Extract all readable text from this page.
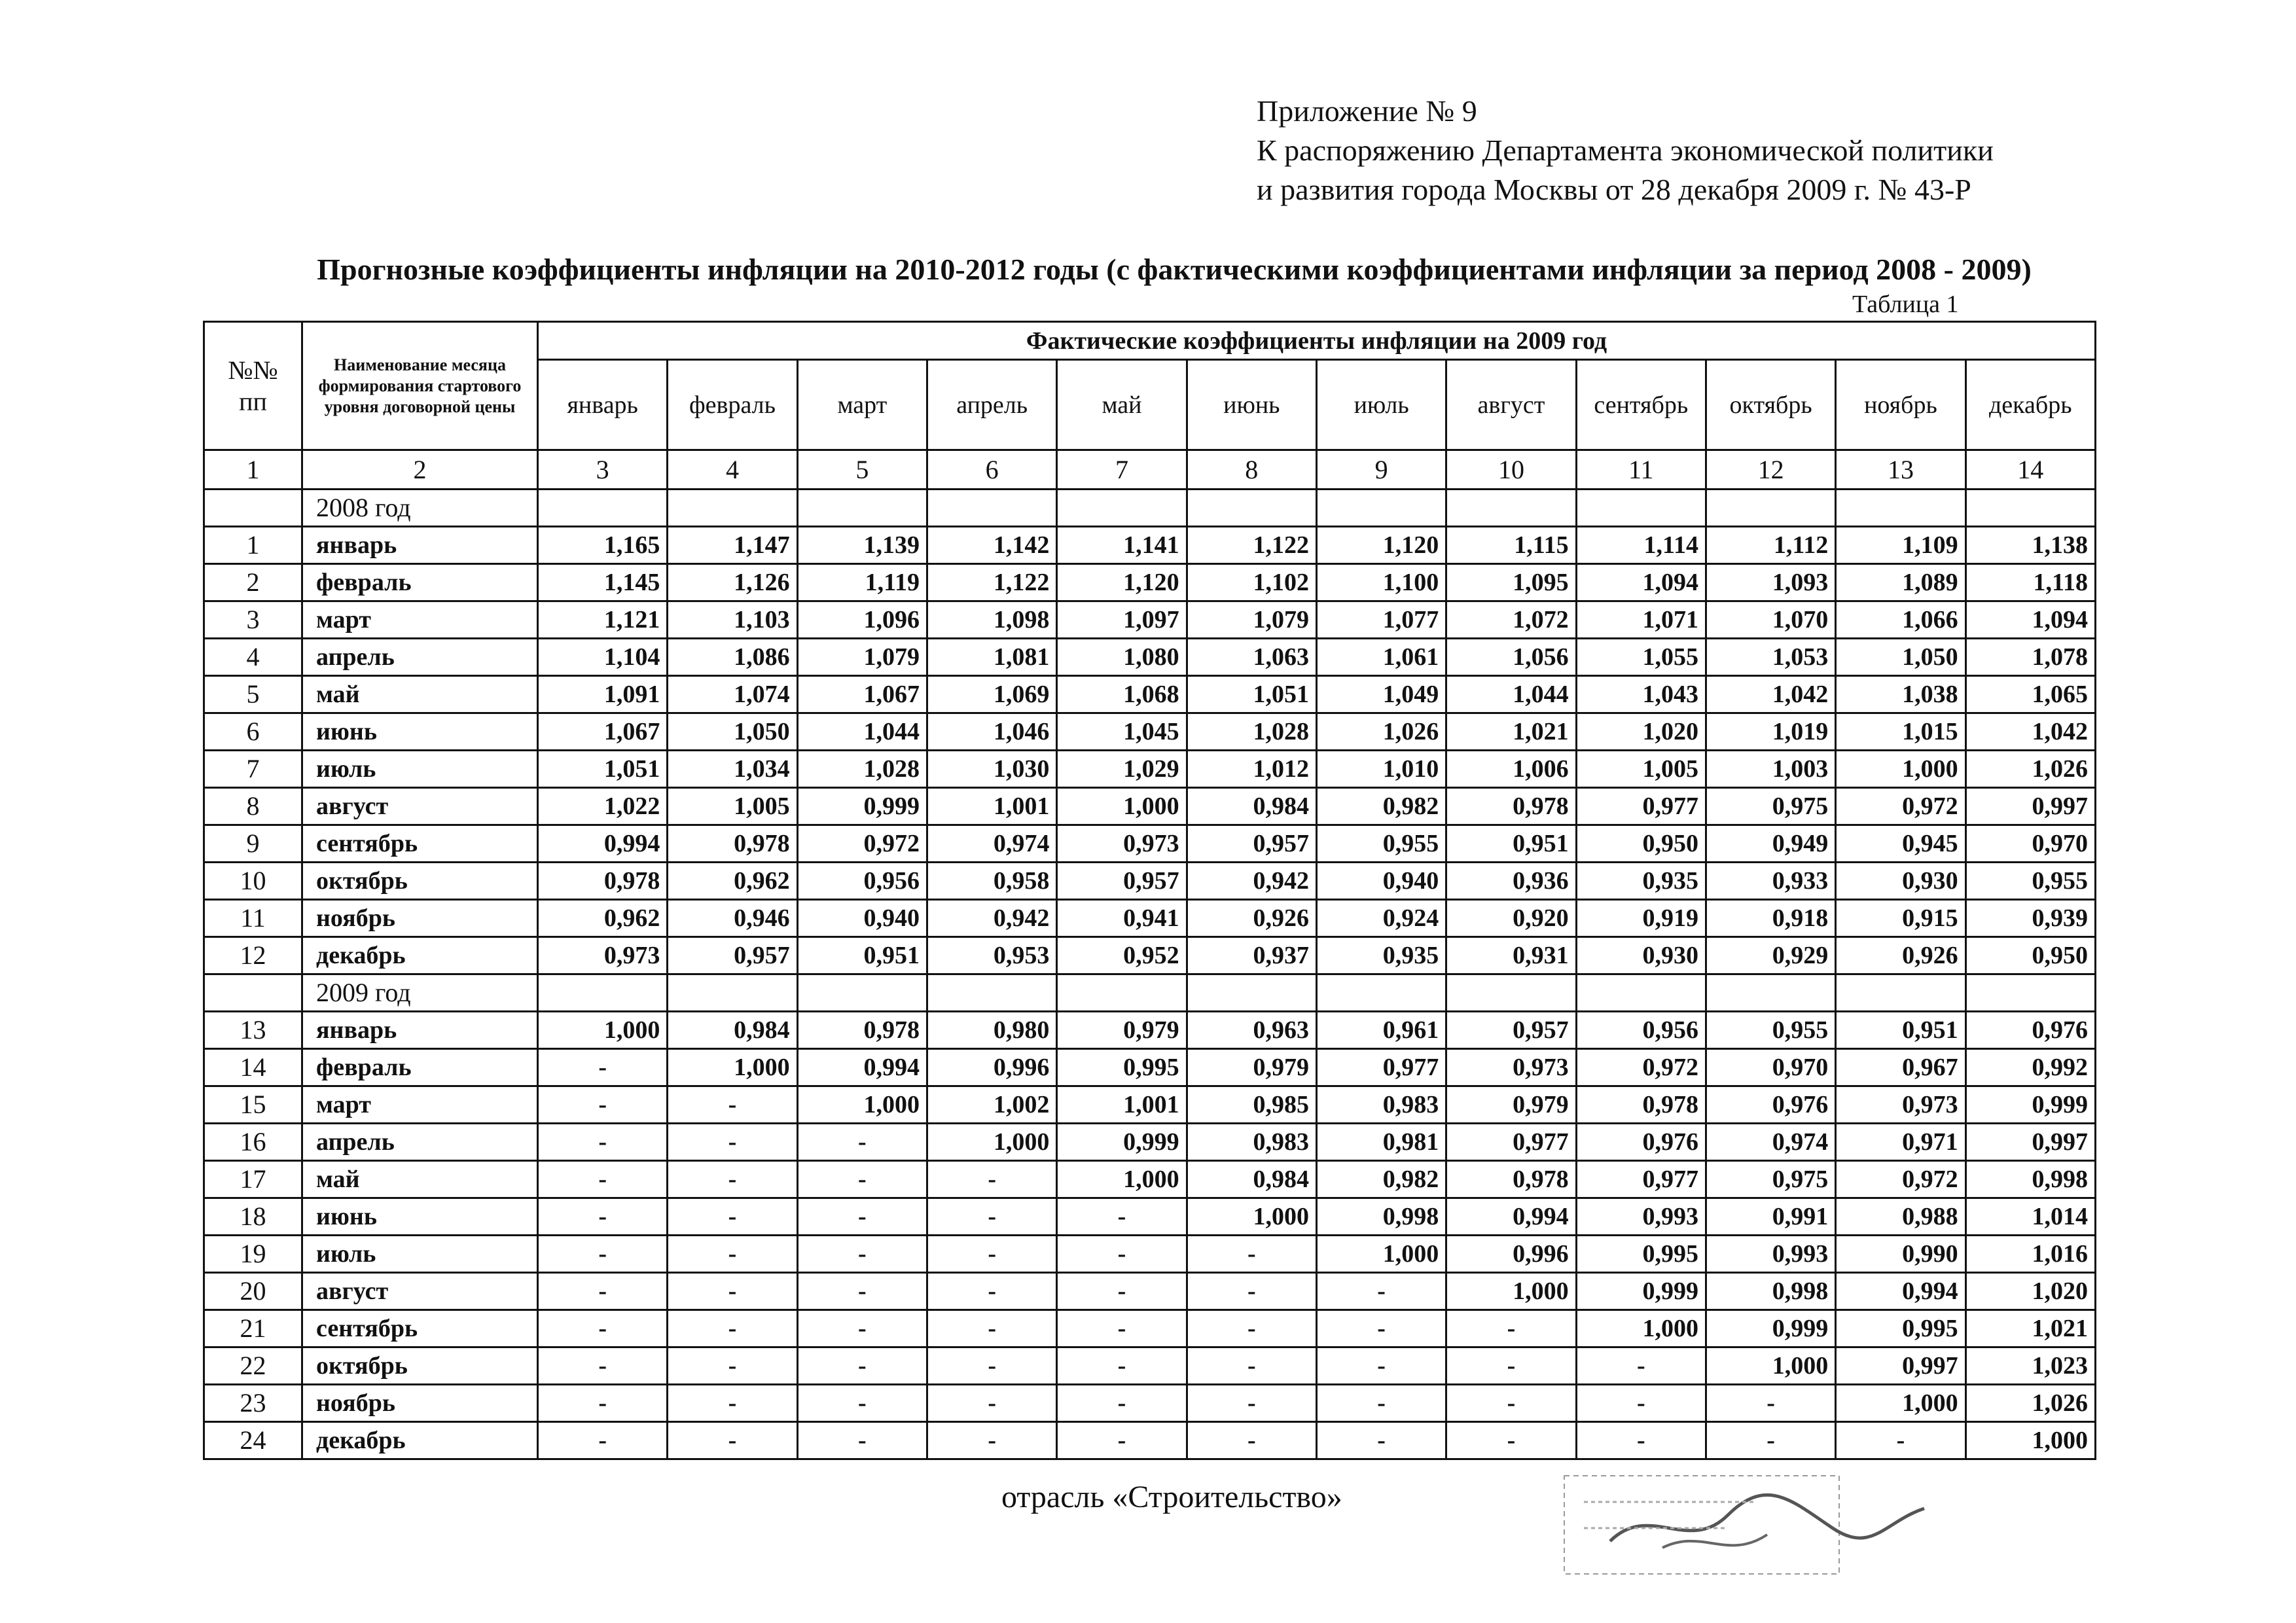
Приложение № 9
К распоряжению Департамента экономической политики
и развития города Москвы от 28 декабря 2009 г. № 43-Р
Прогнозные коэффициенты инфляции на 2010-2012 годы (с фактическими коэффициентами инфляции за период 2008 - 2009)
Таблица 1
№№ пп	Наименование месяца формирования стартового уровня договорной цены	Фактические коэффициенты инфляции на 2009 год											
		январь	февраль	март	апрель	май	июнь	июль	август	сентябрь	октябрь	ноябрь	декабрь
1	2	3	4	5	6	7	8	9	10	11	12	13	14
	2008 год												
1	январь	1,165	1,147	1,139	1,142	1,141	1,122	1,120	1,115	1,114	1,112	1,109	1,138
2	февраль	1,145	1,126	1,119	1,122	1,120	1,102	1,100	1,095	1,094	1,093	1,089	1,118
3	март	1,121	1,103	1,096	1,098	1,097	1,079	1,077	1,072	1,071	1,070	1,066	1,094
4	апрель	1,104	1,086	1,079	1,081	1,080	1,063	1,061	1,056	1,055	1,053	1,050	1,078
5	май	1,091	1,074	1,067	1,069	1,068	1,051	1,049	1,044	1,043	1,042	1,038	1,065
6	июнь	1,067	1,050	1,044	1,046	1,045	1,028	1,026	1,021	1,020	1,019	1,015	1,042
7	июль	1,051	1,034	1,028	1,030	1,029	1,012	1,010	1,006	1,005	1,003	1,000	1,026
8	август	1,022	1,005	0,999	1,001	1,000	0,984	0,982	0,978	0,977	0,975	0,972	0,997
9	сентябрь	0,994	0,978	0,972	0,974	0,973	0,957	0,955	0,951	0,950	0,949	0,945	0,970
10	октябрь	0,978	0,962	0,956	0,958	0,957	0,942	0,940	0,936	0,935	0,933	0,930	0,955
11	ноябрь	0,962	0,946	0,940	0,942	0,941	0,926	0,924	0,920	0,919	0,918	0,915	0,939
12	декабрь	0,973	0,957	0,951	0,953	0,952	0,937	0,935	0,931	0,930	0,929	0,926	0,950
	2009 год												
13	январь	1,000	0,984	0,978	0,980	0,979	0,963	0,961	0,957	0,956	0,955	0,951	0,976
14	февраль	-	1,000	0,994	0,996	0,995	0,979	0,977	0,973	0,972	0,970	0,967	0,992
15	март	-	-	1,000	1,002	1,001	0,985	0,983	0,979	0,978	0,976	0,973	0,999
16	апрель	-	-	-	1,000	0,999	0,983	0,981	0,977	0,976	0,974	0,971	0,997
17	май	-	-	-	-	1,000	0,984	0,982	0,978	0,977	0,975	0,972	0,998
18	июнь	-	-	-	-	-	1,000	0,998	0,994	0,993	0,991	0,988	1,014
19	июль	-	-	-	-	-	-	1,000	0,996	0,995	0,993	0,990	1,016
20	август	-	-	-	-	-	-	-	1,000	0,999	0,998	0,994	1,020
21	сентябрь	-	-	-	-	-	-	-	-	1,000	0,999	0,995	1,021
22	октябрь	-	-	-	-	-	-	-	-	-	1,000	0,997	1,023
23	ноябрь	-	-	-	-	-	-	-	-	-	-	1,000	1,026
24	декабрь	-	-	-	-	-	-	-	-	-	-	-	1,000
отрасль «Строительство»
